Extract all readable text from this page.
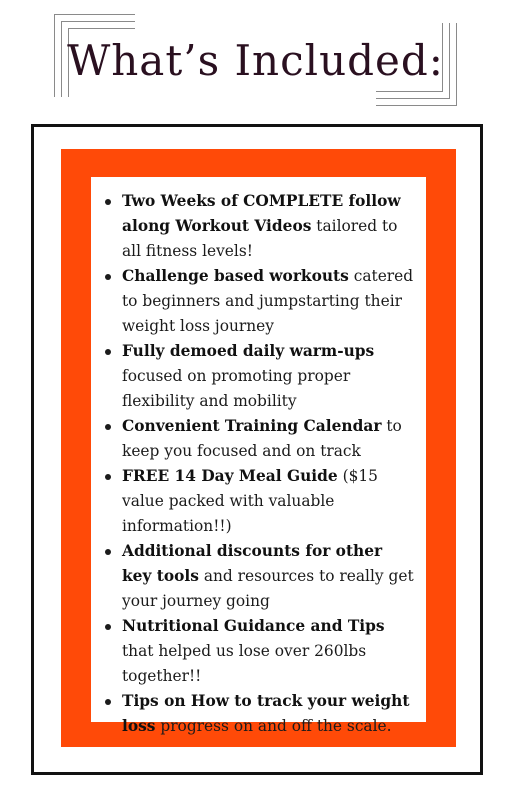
What’s Included:
Two Weeks of COMPLETE follow along Workout Videos tailored to all fitness levels!
Challenge based workouts catered to beginners and jumpstarting their weight loss journey
Fully demoed daily warm-ups focused on promoting proper flexibility and mobility
Convenient Training Calendar to keep you focused and on track
FREE 14 Day Meal Guide ($15 value packed with valuable information!!)
Additional discounts for other key tools and resources to really get your journey going
Nutritional Guidance and Tips that helped us lose over 260lbs together!!
Tips on How to track your weight loss progress on and off the scale.
